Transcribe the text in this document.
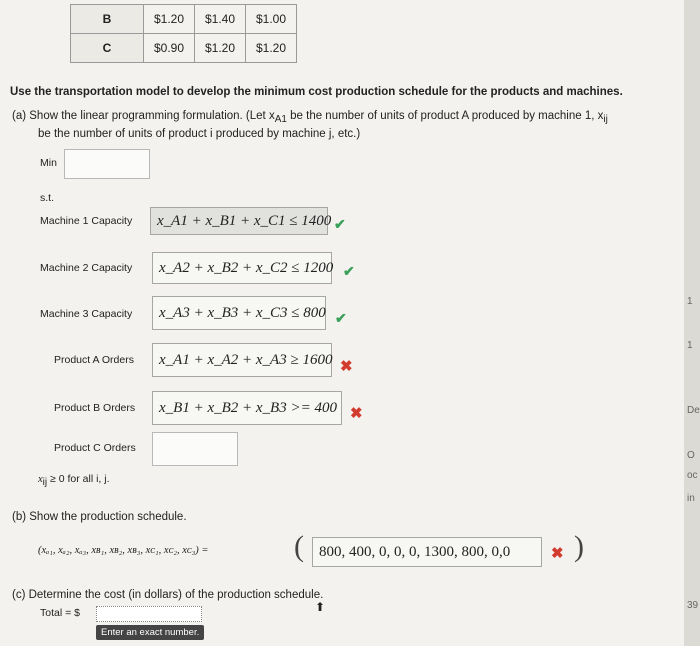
1
1
De
O
oc
in
39
B	$1.20	$1.40	$1.00
C	$0.90	$1.20	$1.20
Use the transportation model to develop the minimum cost production schedule for the products and machines.
(a) Show the linear programming formulation. (Let xA1 be the number of units of product A produced by machine 1, xij
be the number of units of product i produced by machine j, etc.)
Min
s.t.
Machine 1 Capacity x_A1 + x_B1 + x_C1 ≤ 1400 ✔
Machine 2 Capacity x_A2 + x_B2 + x_C2 ≤ 1200 ✔
Machine 3 Capacity x_A3 + x_B3 + x_C3 ≤ 800 ✔
Product A Orders x_A1 + x_A2 + x_A3 ≥ 1600 ✖
Product B Orders x_B1 + x_B2 + x_B3 >= 400 ✖
Product C Orders
xij ≥ 0 for all i, j.
(b) Show the production schedule.
(xₐ₁, xₐ₂, xₐ₃, xʙ₁, xʙ₂, xʙ₃, xᴄ₁, xᴄ₂, xᴄ₃) =	( 800, 400, 0, 0, 0, 1300, 800, 0,0	✖ )
(c) Determine the cost (in dollars) of the production schedule.
Total = $	⬆
Enter an exact number.
